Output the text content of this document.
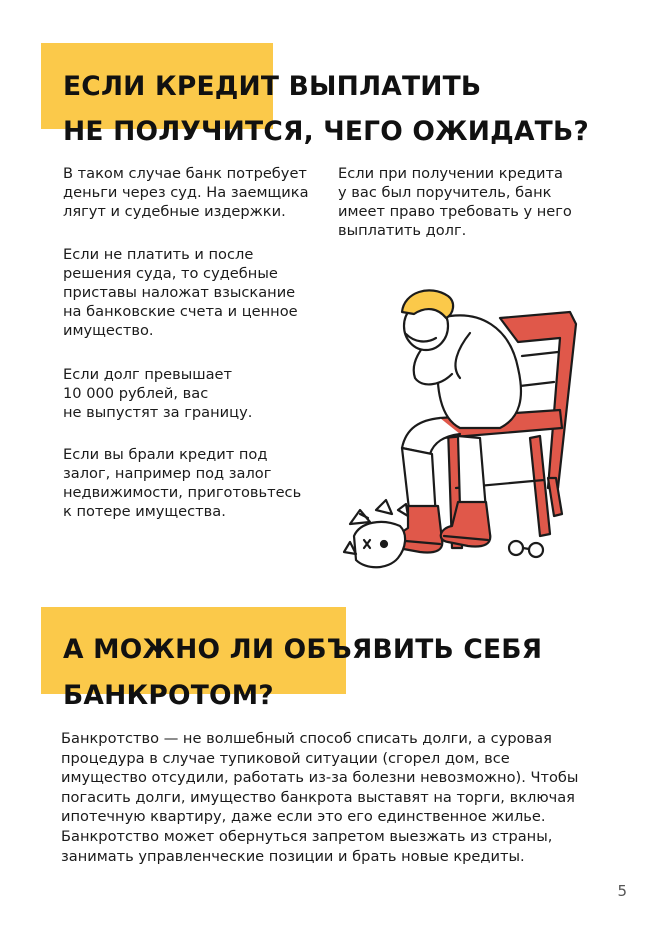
ЕСЛИ КРЕДИТ ВЫПЛАТИТЬ
НЕ ПОЛУЧИТСЯ, ЧЕГО ОЖИДАТЬ?

В таком случае банк потребует
деньги через суд. На заемщика
лягут и судебные издержки.

Если не платить и после
решения суда, то судебные
приставы наложат взыскание
на банковские счета и ценное
имущество.

Если долг превышает
10 000 рублей, вас
не выпустят за границу.

Если вы брали кредит под
залог, например под залог
недвижимости, приготовьтесь
к потере имущества.

Если при получении кредита
у вас был поручитель, банк
имеет право требовать у него
выплатить долг.

А МОЖНО ЛИ ОБЪЯВИТЬ СЕБЯ
БАНКРОТОМ?

Банкротство — не волшебный способ списать долги, а суровая
процедура в случае тупиковой ситуации (сгорел дом, все
имущество отсудили, работать из-за болезни невозможно). Чтобы
погасить долги, имущество банкрота выставят на торги, включая
ипотечную квартиру, даже если это его единственное жилье.
Банкротство может обернуться запретом выезжать из страны,
занимать управленческие позиции и брать новые кредиты.

5
